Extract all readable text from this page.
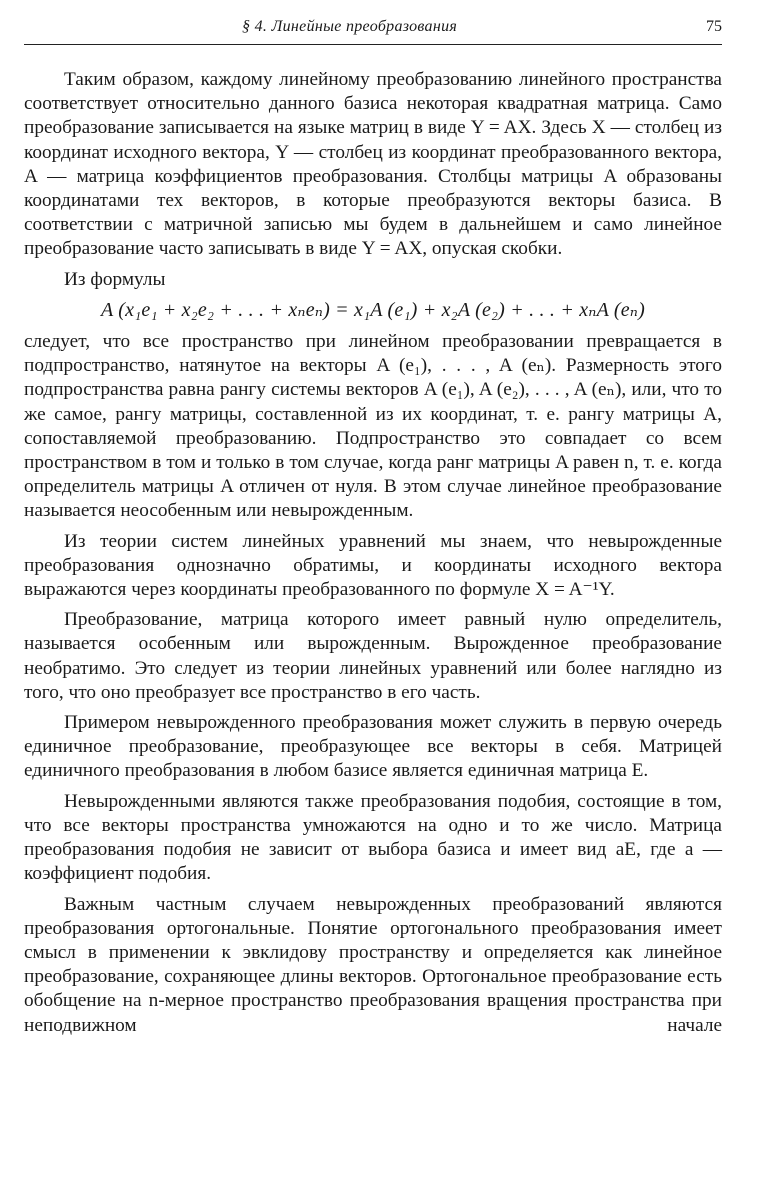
§ 4. Линейные преобразования	75

Таким образом, каждому линейному преобразованию линейного пространства соответствует относительно данного базиса некоторая квадратная матрица. Само преобразование записывается на языке матриц в виде Y = AX. Здесь X — столбец из координат исходного вектора, Y — столбец из координат преобразованного вектора, A — матрица коэффициентов преобразования. Столбцы матрицы A образованы координатами тех векторов, в которые преобразуются векторы базиса. В соответствии с матричной записью мы будем в дальнейшем и само линейное преобразование часто записывать в виде Y = AX, опуская скобки.

Из формулы

A (x₁e₁ + x₂e₂ + . . . + xₙeₙ) = x₁A (e₁) + x₂A (e₂) + . . . + xₙA (eₙ)

следует, что все пространство при линейном преобразовании превращается в подпространство, натянутое на векторы A (e₁), . . . , A (eₙ). Размерность этого подпространства равна рангу системы векторов A (e₁), A (e₂), . . . , A (eₙ), или, что то же самое, рангу матрицы, составленной из их координат, т. е. рангу матрицы A, сопоставляемой преобразованию. Подпространство это совпадает со всем пространством в том и только в том случае, когда ранг матрицы A равен n, т. е. когда определитель матрицы A отличен от нуля. В этом случае линейное преобразование называется неособенным или невырожденным.

Из теории систем линейных уравнений мы знаем, что невырожденные преобразования однозначно обратимы, и координаты исходного вектора выражаются через координаты преобразованного по формуле X = A⁻¹Y.

Преобразование, матрица которого имеет равный нулю определитель, называется особенным или вырожденным. Вырожденное преобразование необратимо. Это следует из теории линейных уравнений или более наглядно из того, что оно преобразует все пространство в его часть.

Примером невырожденного преобразования может служить в первую очередь единичное преобразование, преобразующее все векторы в себя. Матрицей единичного преобразования в любом базисе является единичная матрица E.

Невырожденными являются также преобразования подобия, состоящие в том, что все векторы пространства умножаются на одно и то же число. Матрица преобразования подобия не зависит от выбора базиса и имеет вид aE, где a — коэффициент подобия.

Важным частным случаем невырожденных преобразований являются преобразования ортогональные. Понятие ортогонального преобразования имеет смысл в применении к эвклидову пространству и определяется как линейное преобразование, сохраняющее длины векторов. Ортогональное преобразование есть обобщение на n-мерное пространство преобразования вращения пространства при неподвижном начале
